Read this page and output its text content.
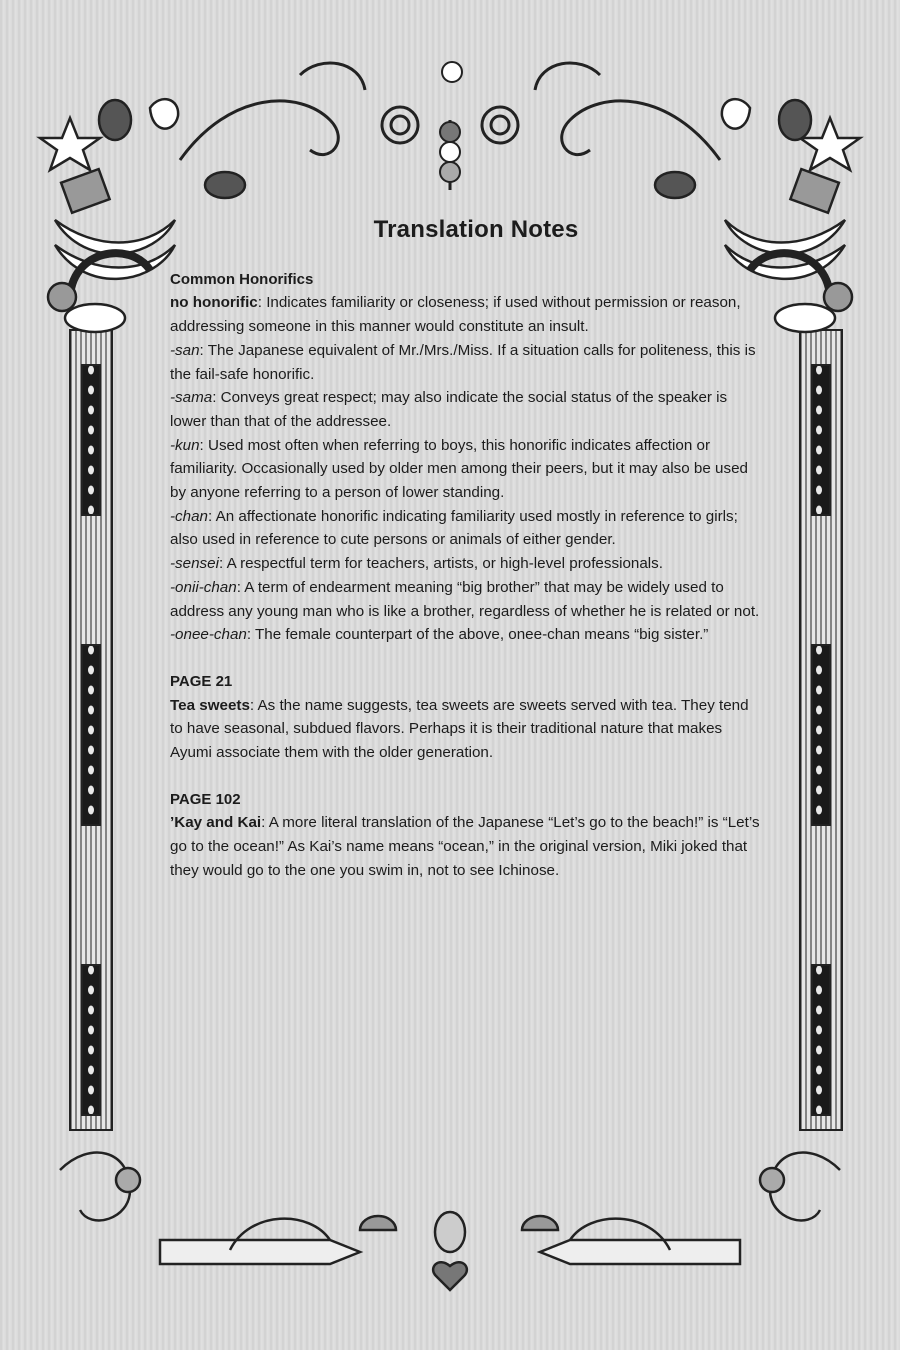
Translation Notes
Common Honorifics

no honorific: Indicates familiarity or closeness; if used without permission or reason, addressing someone in this manner would constitute an insult.

-san: The Japanese equivalent of Mr./Mrs./Miss. If a situation calls for politeness, this is the fail-safe honorific.

-sama: Conveys great respect; may also indicate the social status of the speaker is lower than that of the addressee.

-kun: Used most often when referring to boys, this honorific indicates affection or familiarity. Occasionally used by older men among their peers, but it may also be used by anyone referring to a person of lower standing.

-chan: An affectionate honorific indicating familiarity used mostly in reference to girls; also used in reference to cute persons or animals of either gender.

-sensei: A respectful term for teachers, artists, or high-level professionals.

-onii-chan: A term of endearment meaning “big brother” that may be widely used to address any young man who is like a brother, regardless of whether he is related or not.

-onee-chan: The female counterpart of the above, onee-chan means “big sister.”

PAGE 21

Tea sweets: As the name suggests, tea sweets are sweets served with tea. They tend to have seasonal, subdued flavors. Perhaps it is their traditional nature that makes Ayumi associate them with the older generation.

PAGE 102

’Kay and Kai: A more literal translation of the Japanese “Let’s go to the beach!” is “Let’s go to the ocean!” As Kai’s name means “ocean,” in the original version, Miki joked that they would go to the one you swim in, not to see Ichinose.
